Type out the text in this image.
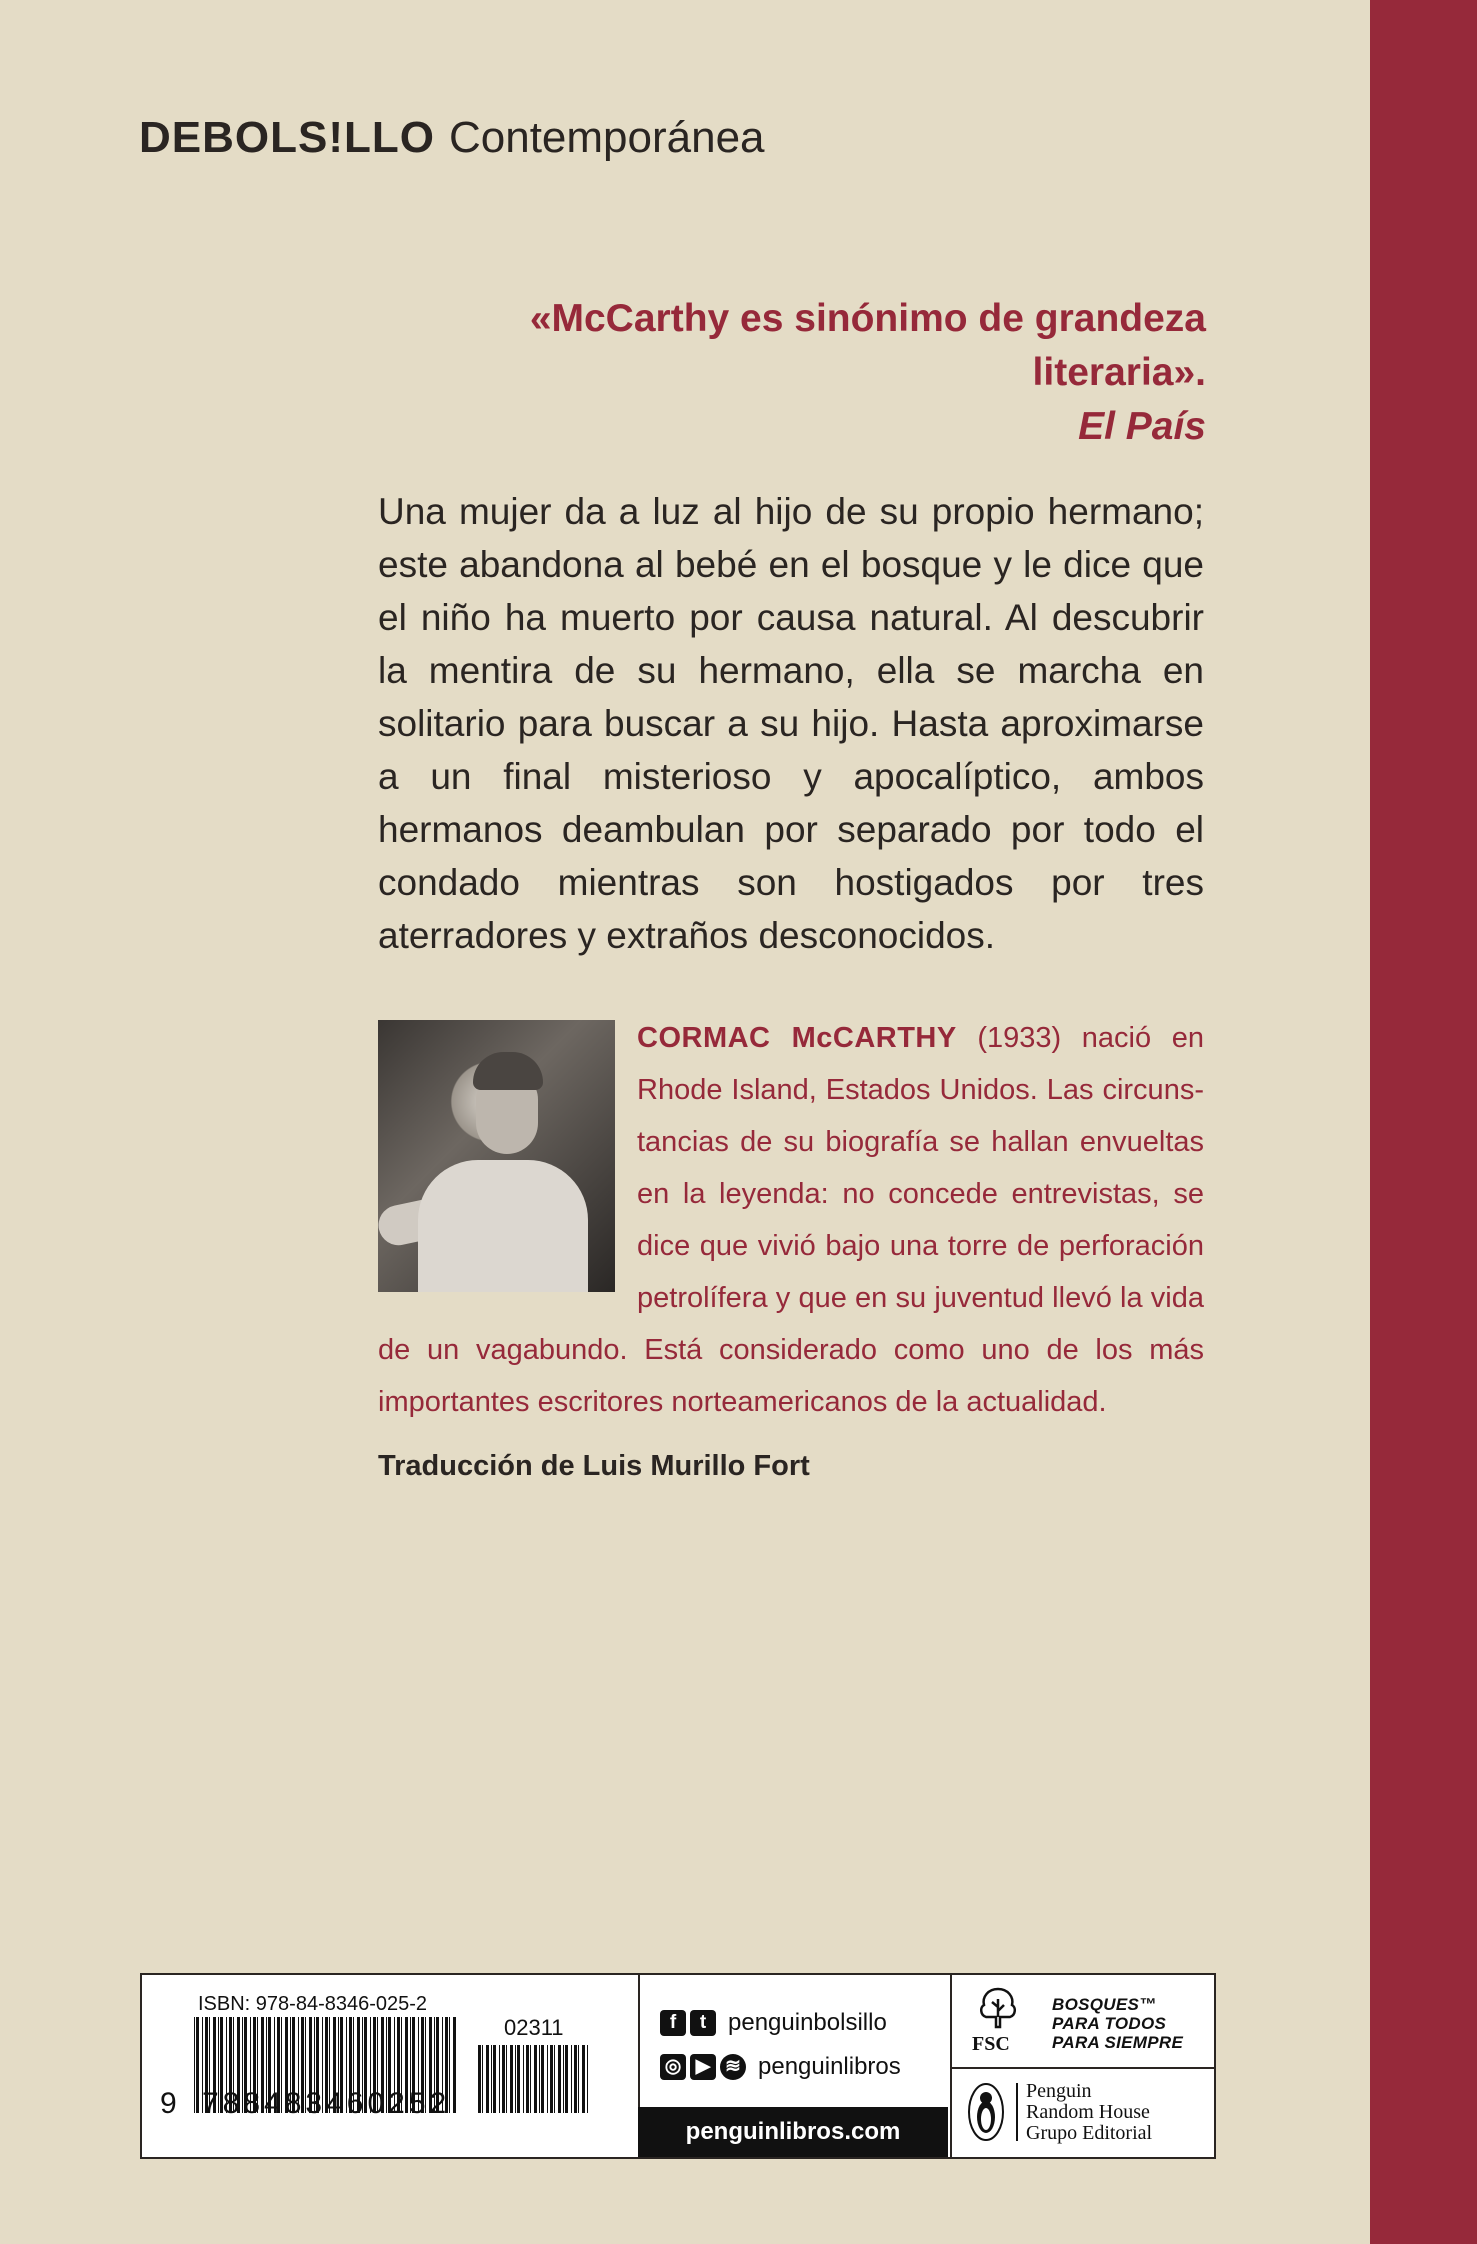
DEBOLS!LLO Contemporánea
«McCarthy es sinónimo de grandeza literaria».
El País
Una mujer da a luz al hijo de su propio hermano; este abandona al bebé en el bosque y le dice que el niño ha muerto por causa natural. Al descubrir la mentira de su hermano, ella se marcha en solitario para buscar a su hijo. Hasta aproximarse a un final misterioso y apocalíptico, ambos hermanos deambulan por separado por todo el condado mientras son hostigados por tres aterradores y extraños desconocidos.
CORMAC McCARTHY (1933) nació en Rhode Island, Estados Unidos. Las circunstancias de su biografía se hallan envueltas en la leyenda: no concede entrevistas, se dice que vivió bajo una torre de perforación petrolífera y que en su juventud llevó la vida de un vagabundo. Está considerado como uno de los más importantes escritores norteamericanos de la actualidad.
Traducción de Luis Murillo Fort
ISBN: 978-84-8346-025-2
02311
9 788483460252
f	t penguinbolsillo
◎ ▶ ≋ penguinlibros
penguinlibros.com
FSC
BOSQUES™
PARA TODOS
PARA SIEMPRE
Penguin
Random House
Grupo Editorial
